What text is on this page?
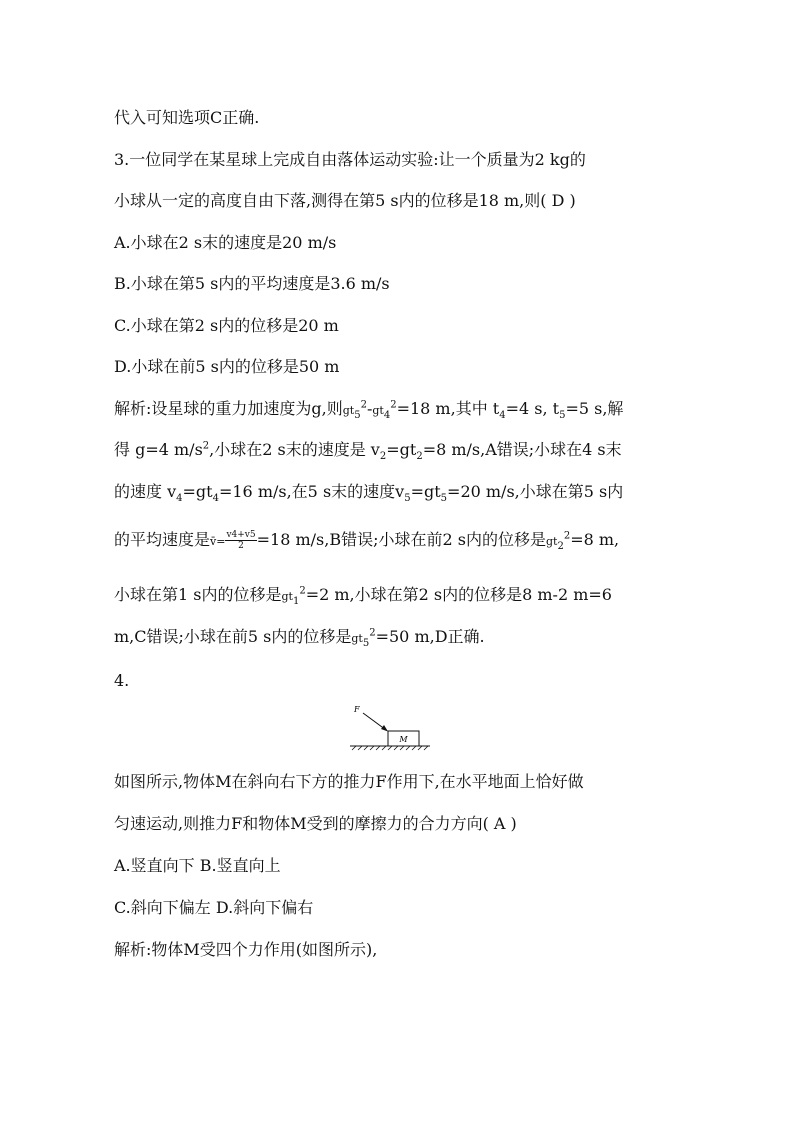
代入可知选项C正确.
3.一位同学在某星球上完成自由落体运动实验:让一个质量为2 kg的
小球从一定的高度自由下落,测得在第5 s内的位移是18 m,则( D )
A.小球在2 s末的速度是20 m/s
B.小球在第5 s内的平均速度是3.6 m/s
C.小球在第2 s内的位移是20 m
D.小球在前5 s内的位移是50 m
解析:设星球的重力加速度为g,则$gt_5^2-gt_4^2=18$ m,其中 $t_4=4$ s, $t_5=5$ s,解
得 g=4 $m/s^2$,小球在2 s末的速度是 $v_2=gt_2=8$ m/s,A错误;小球在4 s末
的速度 $v_4=gt_4=16$ m/s,在5 s末的速度$v_5=gt_5=20$ m/s,小球在第5 s内
的平均速度是v̄= $\frac{v4+v5}{2} =18$ m/s,B错误;小球在前2 s内的位移是$gt_2^2=8$ m,
小球在第1 s内的位移是$gt_1^2=2$ m,小球在第2 s内的位移是8 m-2 m=6
m,C错误;小球在前5 s内的位移是$gt_5^2=50$ m,D正确.
4.
M
F
如图所示,物体M在斜向右下方的推力F作用下,在水平地面上恰好做
匀速运动,则推力F和物体M受到的摩擦力的合力方向( A )
A.竖直向下 B.竖直向上
C.斜向下偏左 D.斜向下偏右
解析:物体M受四个力作用(如图所示),
